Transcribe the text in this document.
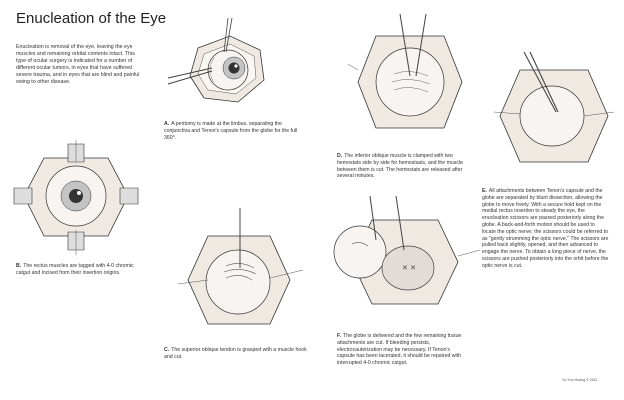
Enucleation of the Eye
Enucleation is removal of the eye, leaving the eye muscles and remaining orbital contents intact. This type of ocular surgery is indicated for a number of different ocular tumors, in eyes that have suffered severe trauma, and in eyes that are blind and painful owing to other disease.
A. A peritomy is made at the limbus, separating the conjunctiva and Tenon's capsule from the globe for the full 360°.
B. The rectus muscles are tagged with 4-0 chromic catgut and incised from their insertion origins.
C. The superior oblique tendon is grasped with a muscle hook and cut.
D. The inferior oblique muscle is clamped with two hemostats side by side for hemostasis, and the muscle between them is cut. The hemostats are released after several minutes.
E. All attachments between Tenon's capsule and the globe are separated by blunt dissection, allowing the globe to move freely. With a secure hold kept on the medial rectus insertion to steady the eye, the enucleation scissors are passed posteriorly along the globe. A back-and-forth motion should be used to locate the optic nerve; the scissors could be referred to as "gently strumming the optic nerve." The scissors are pulled back slightly, opened, and then advanced to engage the nerve. To obtain a long piece of nerve, the scissors are pushed posteriorly into the orbit before the optic nerve is cut.
✕ ✕
F. The globe is delivered and the few remaining tissue attachments are cut. If bleeding persists, electrocauterization may be necessary. If Tenon's capsule has been lacerated, it should be repaired with interrupted 4-0 chromic catgut.
Yu-Yun Huang © 2011
